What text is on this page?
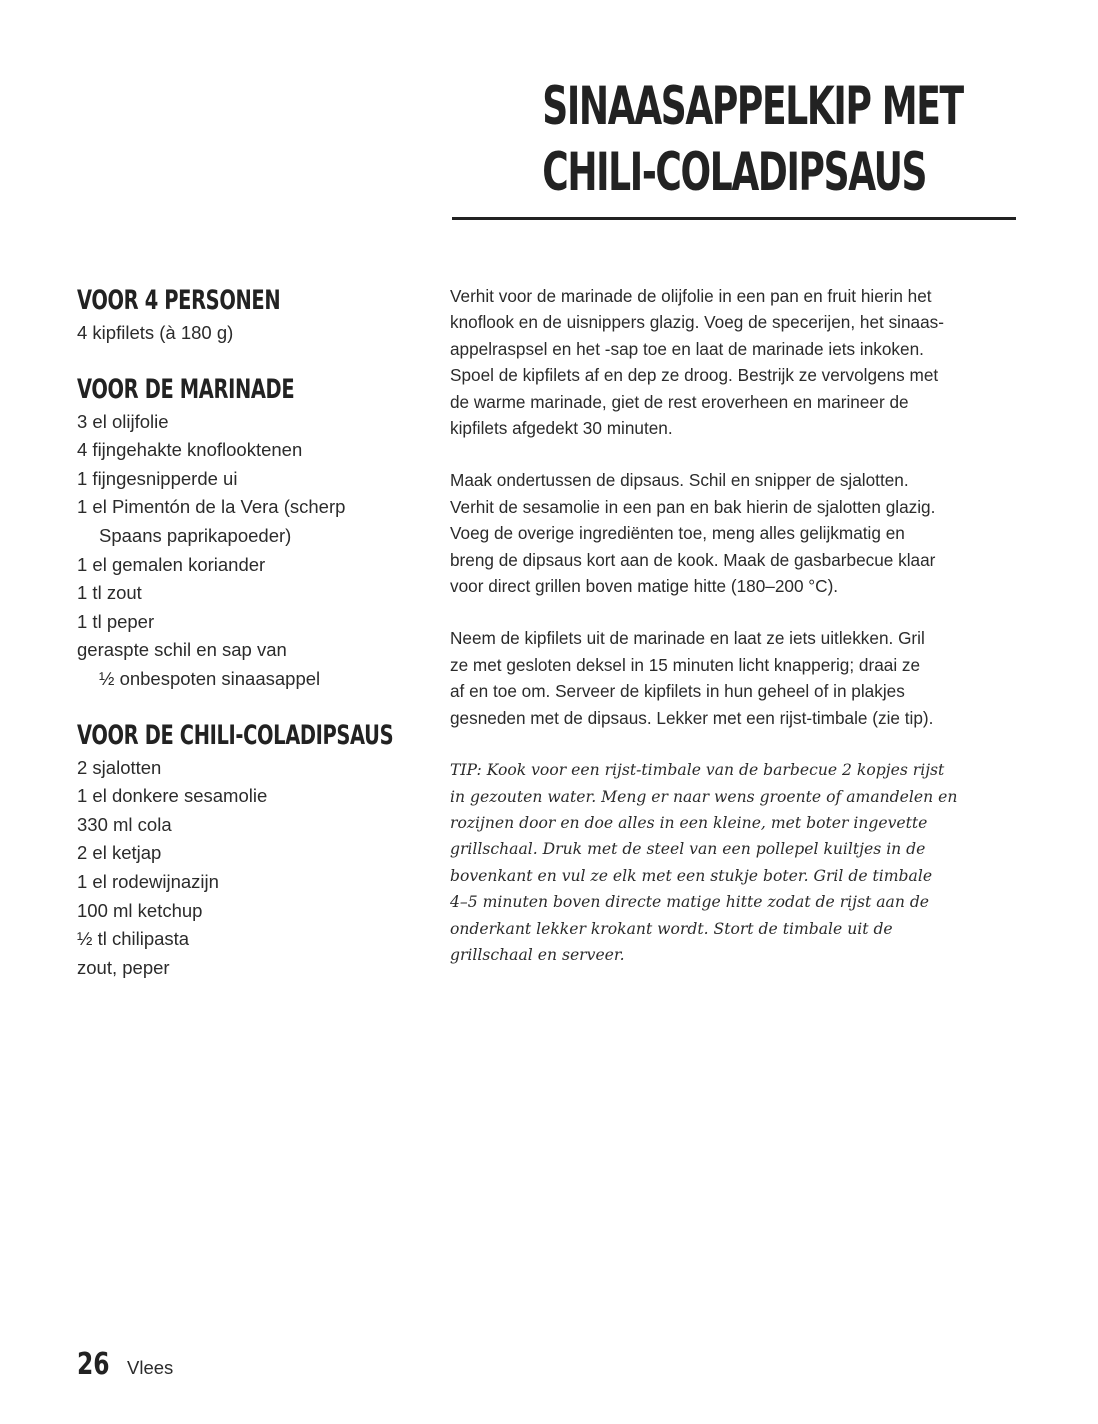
SINAASAPPELKIP MET
CHILI-COLADIPSAUS
VOOR 4 PERSONEN
4 kipfilets (à 180 g)
VOOR DE MARINADE
3 el olijfolie
4 fijngehakte knoflooktenen
1 fijngesnipperde ui
1 el Pimentón de la Vera (scherp
Spaans paprikapoeder)
1 el gemalen koriander
1 tl zout
1 tl peper
geraspte schil en sap van
½ onbespoten sinaasappel
VOOR DE CHILI-COLADIPSAUS
2 sjalotten
1 el donkere sesamolie
330 ml cola
2 el ketjap
1 el rodewijnazijn
100 ml ketchup
½ tl chilipasta
zout, peper

Verhit voor de marinade de olijfolie in een pan en fruit hierin het
knoflook en de uisnippers glazig. Voeg de specerijen, het sinaas-
appelraspsel en het -sap toe en laat de marinade iets inkoken.
Spoel de kipfilets af en dep ze droog. Bestrijk ze vervolgens met
de warme marinade, giet de rest eroverheen en marineer de
kipfilets afgedekt 30 minuten.

Maak ondertussen de dipsaus. Schil en snipper de sjalotten.
Verhit de sesamolie in een pan en bak hierin de sjalotten glazig.
Voeg de overige ingrediënten toe, meng alles gelijkmatig en
breng de dipsaus kort aan de kook. Maak de gasbarbecue klaar
voor direct grillen boven matige hitte (180–200 °C).

Neem de kipfilets uit de marinade en laat ze iets uitlekken. Gril
ze met gesloten deksel in 15 minuten licht knapperig; draai ze
af en toe om. Serveer de kipfilets in hun geheel of in plakjes
gesneden met de dipsaus. Lekker met een rijst-timbale (zie tip).

TIP: Kook voor een rijst-timbale van de barbecue 2 kopjes rijst
in gezouten water. Meng er naar wens groente of amandelen en
rozijnen door en doe alles in een kleine, met boter ingevette
grillschaal. Druk met de steel van een pollepel kuiltjes in de
bovenkant en vul ze elk met een stukje boter. Gril de timbale
4–5 minuten boven directe matige hitte zodat de rijst aan de
onderkant lekker krokant wordt. Stort de timbale uit de
grillschaal en serveer.

26 Vlees
